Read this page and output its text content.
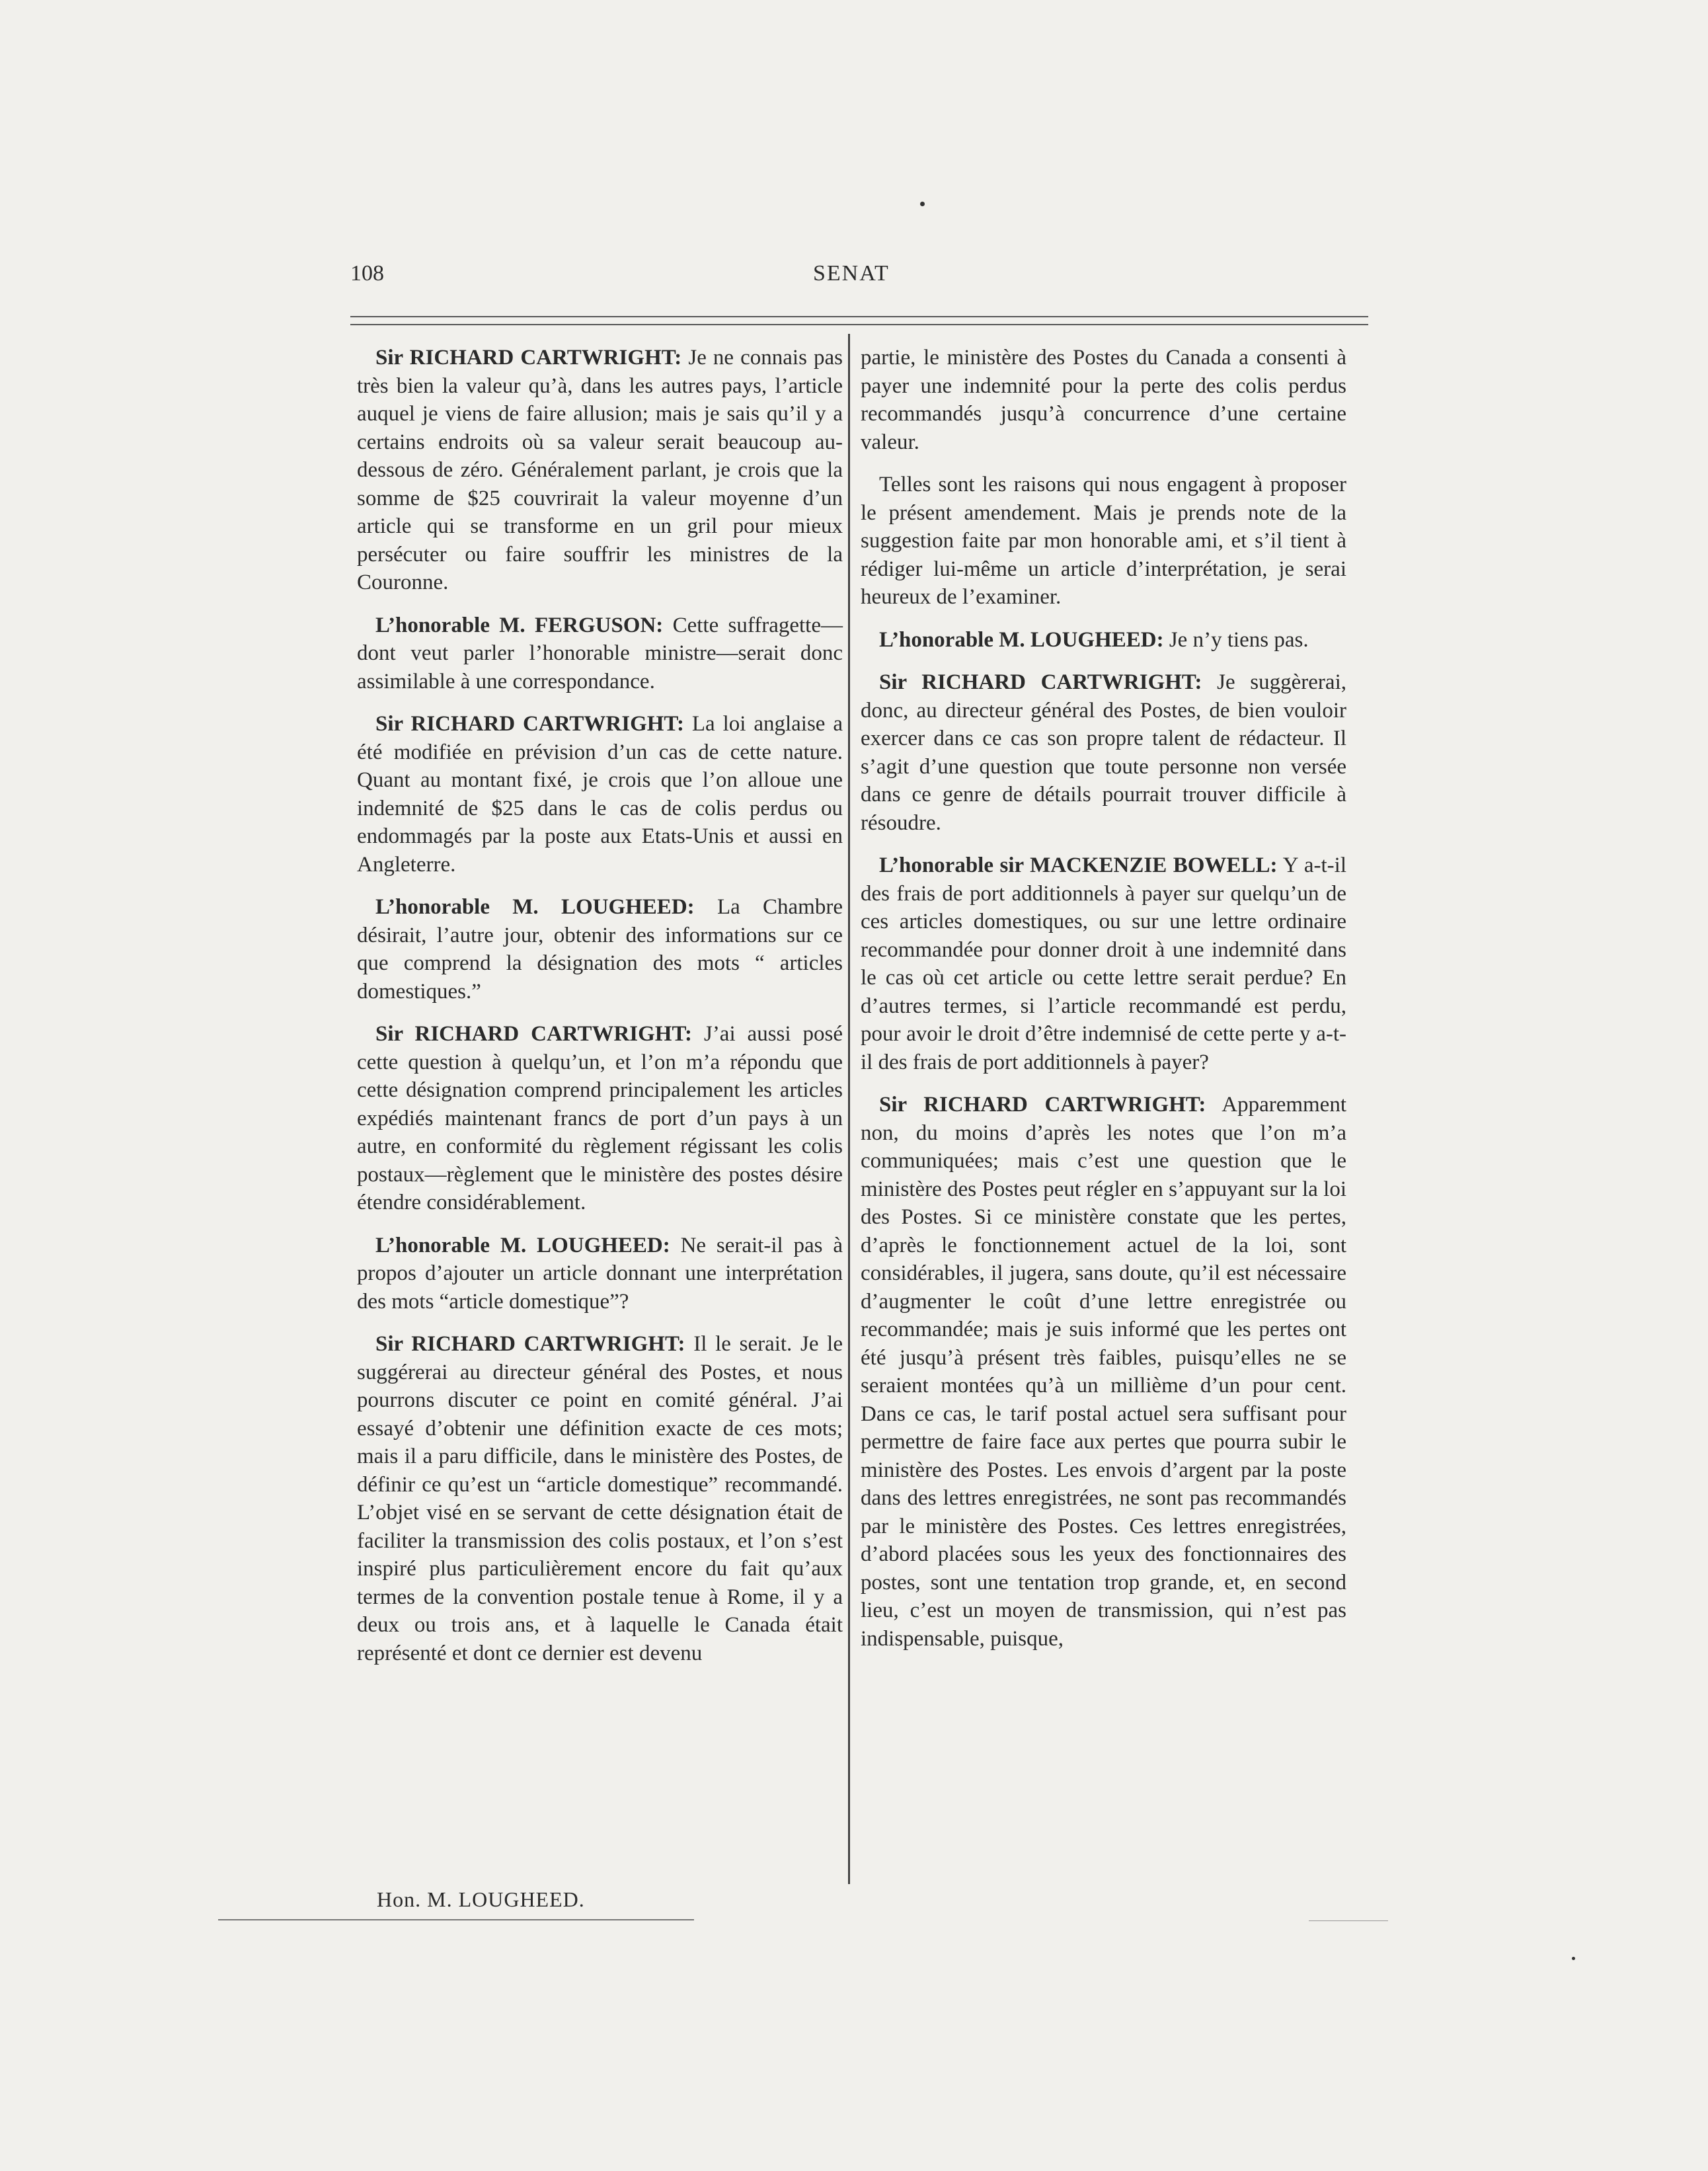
108	SENAT

Sir RICHARD CARTWRIGHT: Je ne connais pas très bien la valeur qu’à, dans les autres pays, l’article auquel je viens de faire allusion; mais je sais qu’il y a certains endroits où sa valeur serait beaucoup au-dessous de zéro. Généralement parlant, je crois que la somme de $25 couvrirait la valeur moyenne d’un article qui se transforme en un gril pour mieux persécuter ou faire souffrir les ministres de la Couronne.

L’honorable M. FERGUSON: Cette suffragette—dont veut parler l’honorable ministre—serait donc assimilable à une correspondance.

Sir RICHARD CARTWRIGHT: La loi anglaise a été modifiée en prévision d’un cas de cette nature. Quant au montant fixé, je crois que l’on alloue une indemnité de $25 dans le cas de colis perdus ou endommagés par la poste aux Etats-Unis et aussi en Angleterre.

L’honorable M. LOUGHEED: La Chambre désirait, l’autre jour, obtenir des informations sur ce que comprend la désignation des mots “ articles domestiques.”

Sir RICHARD CARTWRIGHT: J’ai aussi posé cette question à quelqu’un, et l’on m’a répondu que cette désignation comprend principalement les articles expédiés maintenant francs de port d’un pays à un autre, en conformité du règlement régissant les colis postaux—règlement que le ministère des postes désire étendre considérablement.

L’honorable M. LOUGHEED: Ne serait-il pas à propos d’ajouter un article donnant une interprétation des mots “article domestique”?

Sir RICHARD CARTWRIGHT: Il le serait. Je le suggérerai au directeur général des Postes, et nous pourrons discuter ce point en comité général. J’ai essayé d’obtenir une définition exacte de ces mots; mais il a paru difficile, dans le ministère des Postes, de définir ce qu’est un “article domestique” recommandé. L’objet visé en se servant de cette désignation était de faciliter la transmission des colis postaux, et l’on s’est inspiré plus particulièrement encore du fait qu’aux termes de la convention postale tenue à Rome, il y a deux ou trois ans, et à laquelle le Canada était représenté et dont ce dernier est devenu

partie, le ministère des Postes du Canada a consenti à payer une indemnité pour la perte des colis perdus recommandés jusqu’à concurrence d’une certaine valeur.

Telles sont les raisons qui nous engagent à proposer le présent amendement. Mais je prends note de la suggestion faite par mon honorable ami, et s’il tient à rédiger lui-même un article d’interprétation, je serai heureux de l’examiner.

L’honorable M. LOUGHEED: Je n’y tiens pas.

Sir RICHARD CARTWRIGHT: Je suggèrerai, donc, au directeur général des Postes, de bien vouloir exercer dans ce cas son propre talent de rédacteur. Il s’agit d’une question que toute personne non versée dans ce genre de détails pourrait trouver difficile à résoudre.

L’honorable sir MACKENZIE BOWELL: Y a-t-il des frais de port additionnels à payer sur quelqu’un de ces articles domestiques, ou sur une lettre ordinaire recommandée pour donner droit à une indemnité dans le cas où cet article ou cette lettre serait perdue? En d’autres termes, si l’article recommandé est perdu, pour avoir le droit d’être indemnisé de cette perte y a-t-il des frais de port additionnels à payer?

Sir RICHARD CARTWRIGHT: Apparemment non, du moins d’après les notes que l’on m’a communiquées; mais c’est une question que le ministère des Postes peut régler en s’appuyant sur la loi des Postes. Si ce ministère constate que les pertes, d’après le fonctionnement actuel de la loi, sont considérables, il jugera, sans doute, qu’il est nécessaire d’augmenter le coût d’une lettre enregistrée ou recommandée; mais je suis informé que les pertes ont été jusqu’à présent très faibles, puisqu’elles ne se seraient montées qu’à un millième d’un pour cent. Dans ce cas, le tarif postal actuel sera suffisant pour permettre de faire face aux pertes que pourra subir le ministère des Postes. Les envois d’argent par la poste dans des lettres enregistrées, ne sont pas recommandés par le ministère des Postes. Ces lettres enregistrées, d’abord placées sous les yeux des fonctionnaires des postes, sont une tentation trop grande, et, en second lieu, c’est un moyen de transmission, qui n’est pas indispensable, puisque,

Hon. M. LOUGHEED.
